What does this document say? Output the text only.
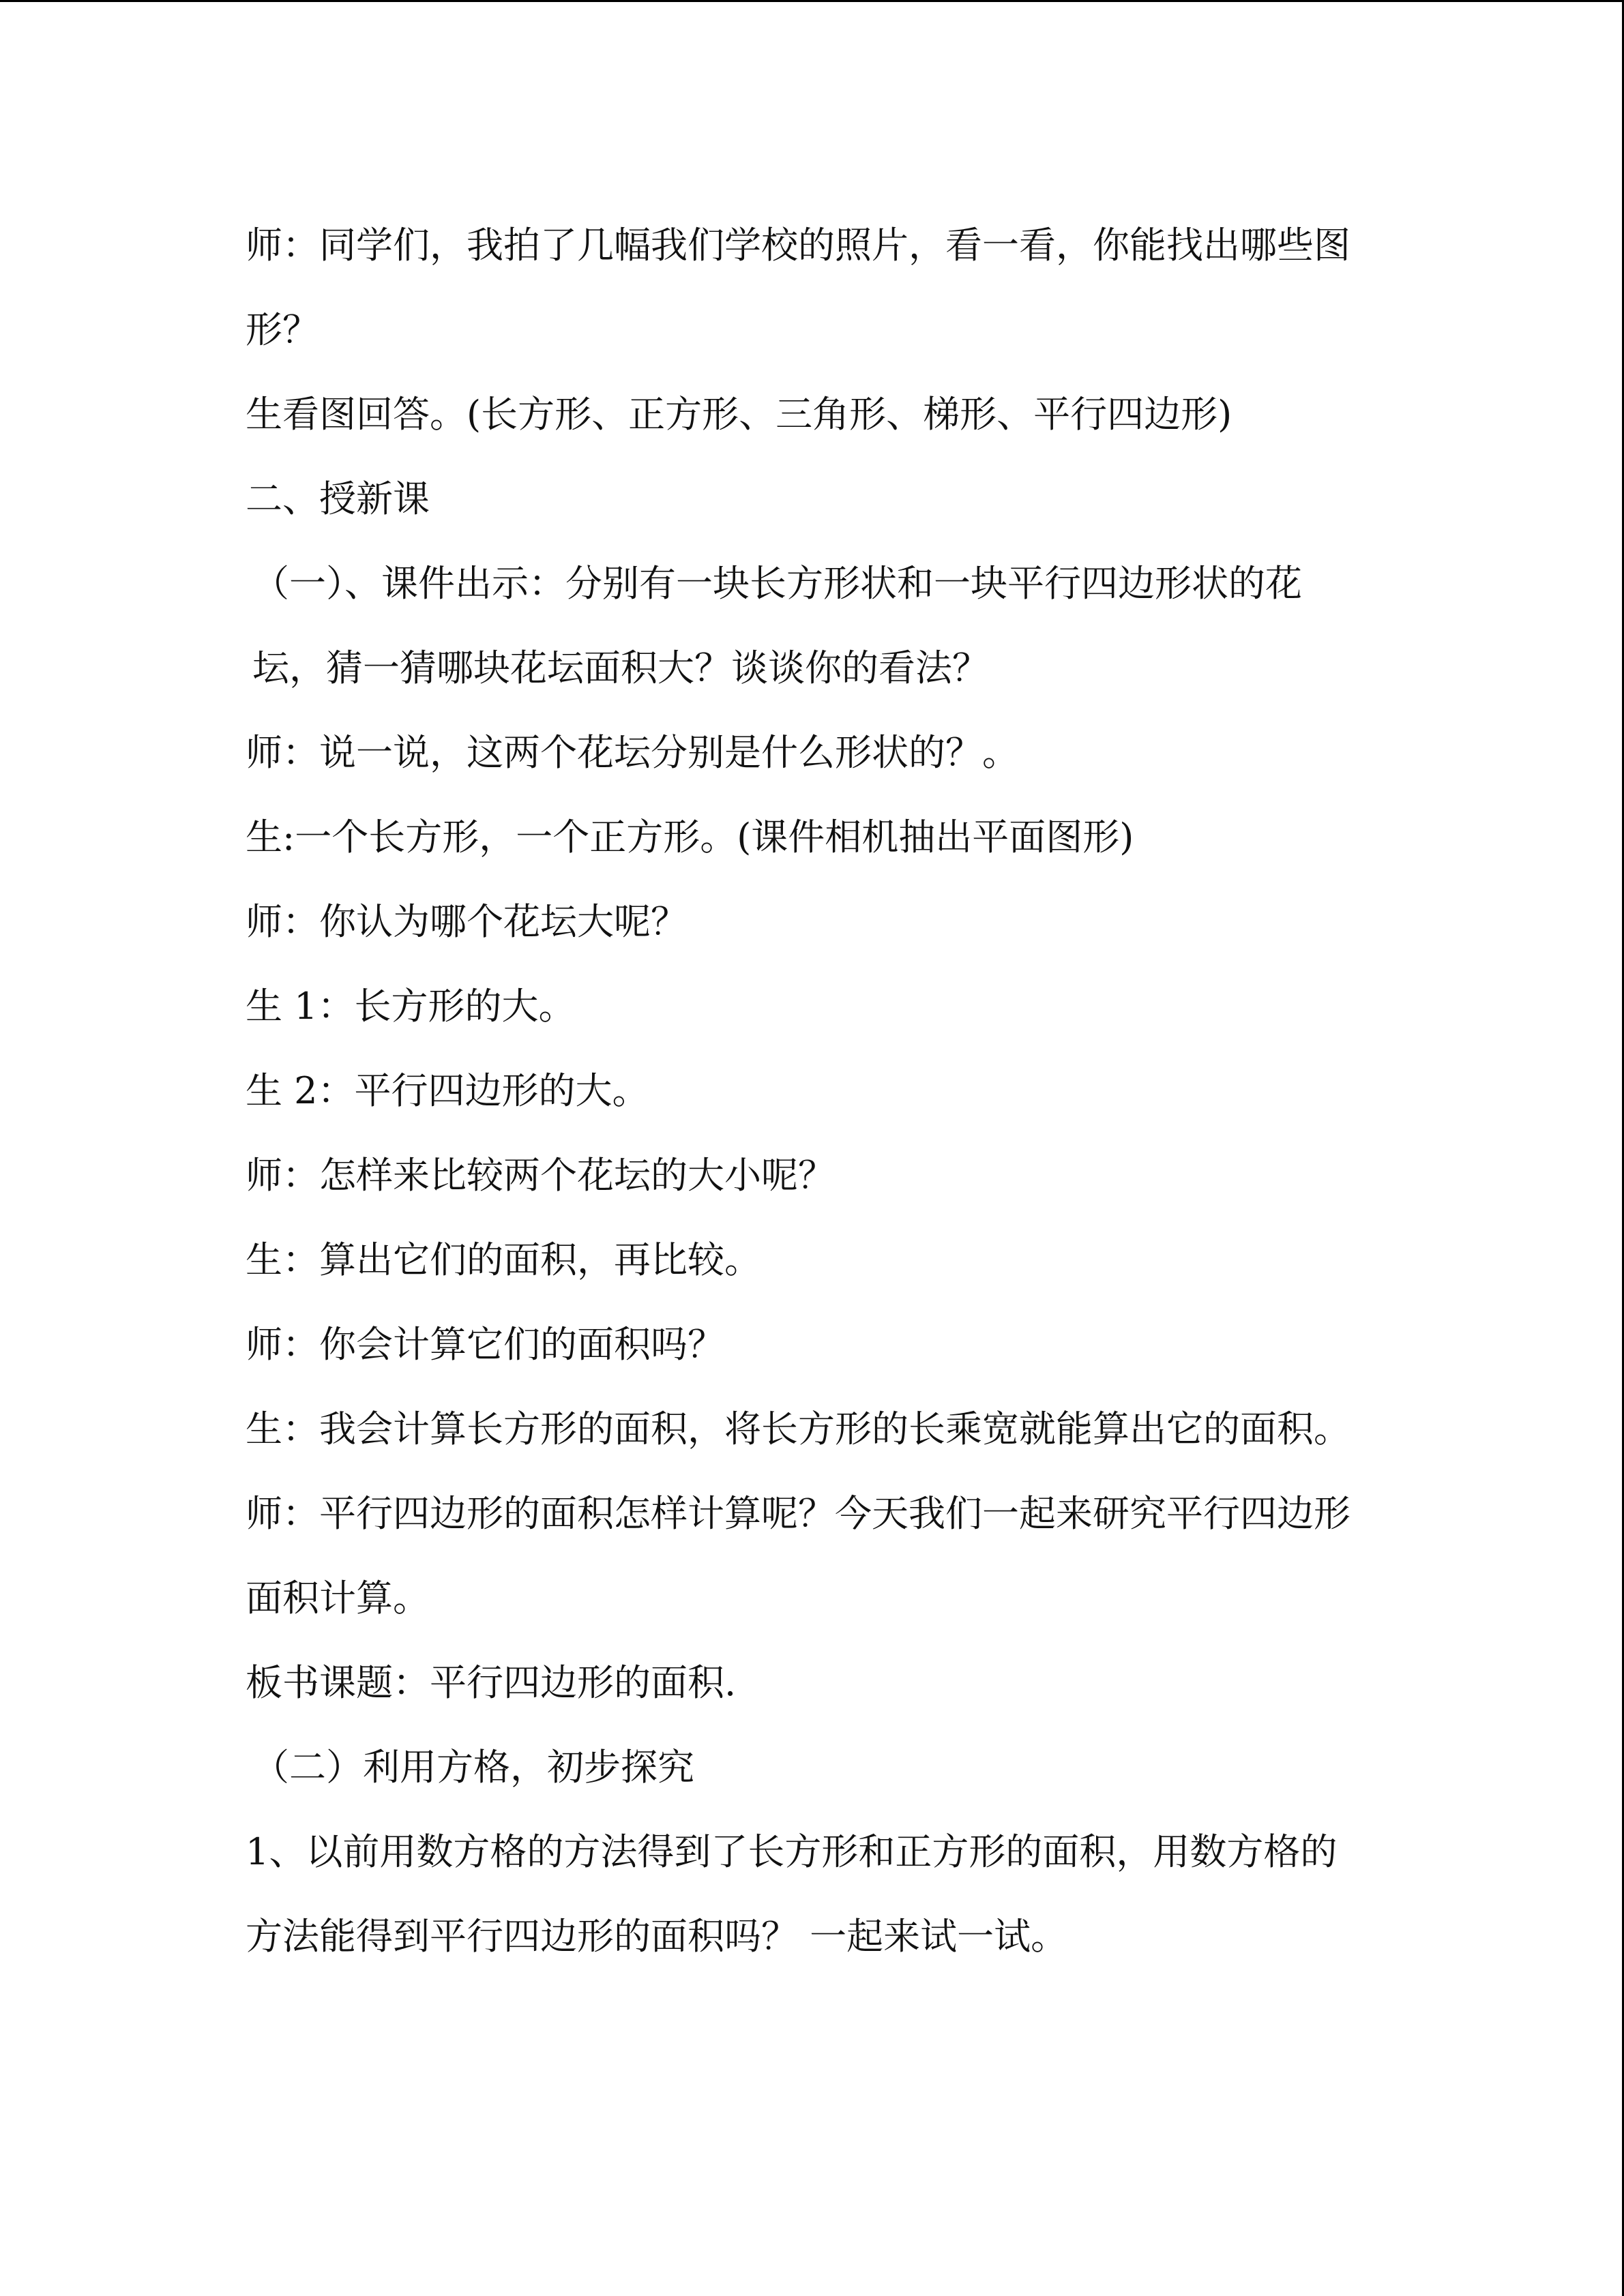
师：同学们，我拍了几幅我们学校的照片，看一看，你能找出哪些图形？

生看图回答。(长方形、正方形、三角形、梯形、平行四边形)

二、授新课

（一）、课件出示：分别有一块长方形状和一块平行四边形状的花坛，猜一猜哪块花坛面积大？谈谈你的看法？

师：说一说，这两个花坛分别是什么形状的？。

生:一个长方形，一个正方形。(课件相机抽出平面图形)

师：你认为哪个花坛大呢？

生 1：长方形的大。

生 2：平行四边形的大。

师：怎样来比较两个花坛的大小呢？

生：算出它们的面积，再比较。

师：你会计算它们的面积吗？

生：我会计算长方形的面积，将长方形的长乘宽就能算出它的面积。

师：平行四边形的面积怎样计算呢？今天我们一起来研究平行四边形面积计算。

板书课题：平行四边形的面积.

（二）利用方格，初步探究

1、以前用数方格的方法得到了长方形和正方形的面积，用数方格的方法能得到平行四边形的面积吗？ 一起来试一试。
